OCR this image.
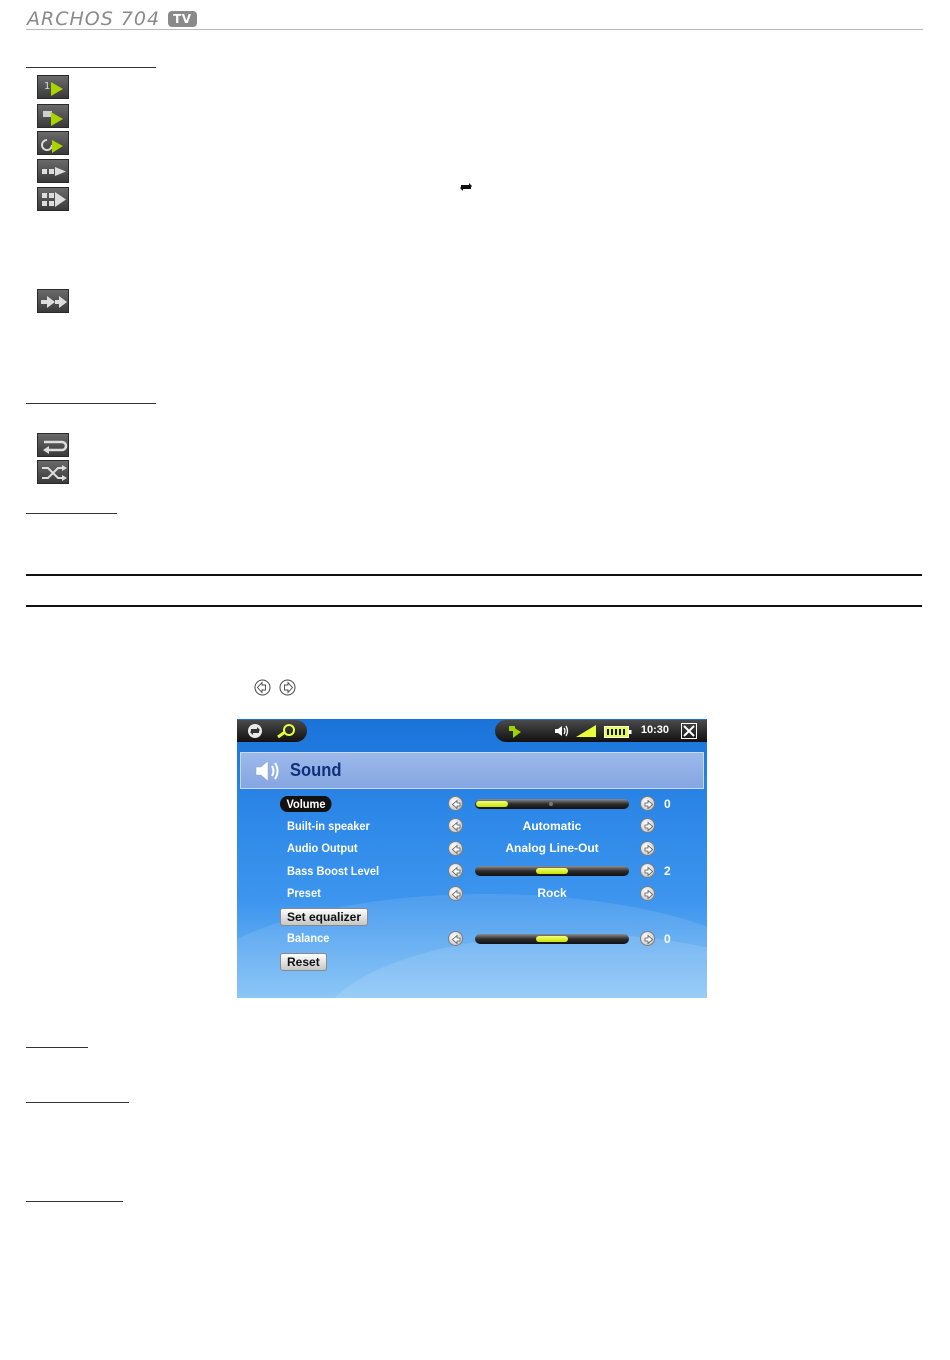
ARCHOS 704	TV
1
10:30
Sound
Volume	0
Built-in speaker	Automatic
Audio Output	Analog Line-Out
Bass Boost Level	2
Preset	Rock
Set equalizer
Balance	0
Reset
